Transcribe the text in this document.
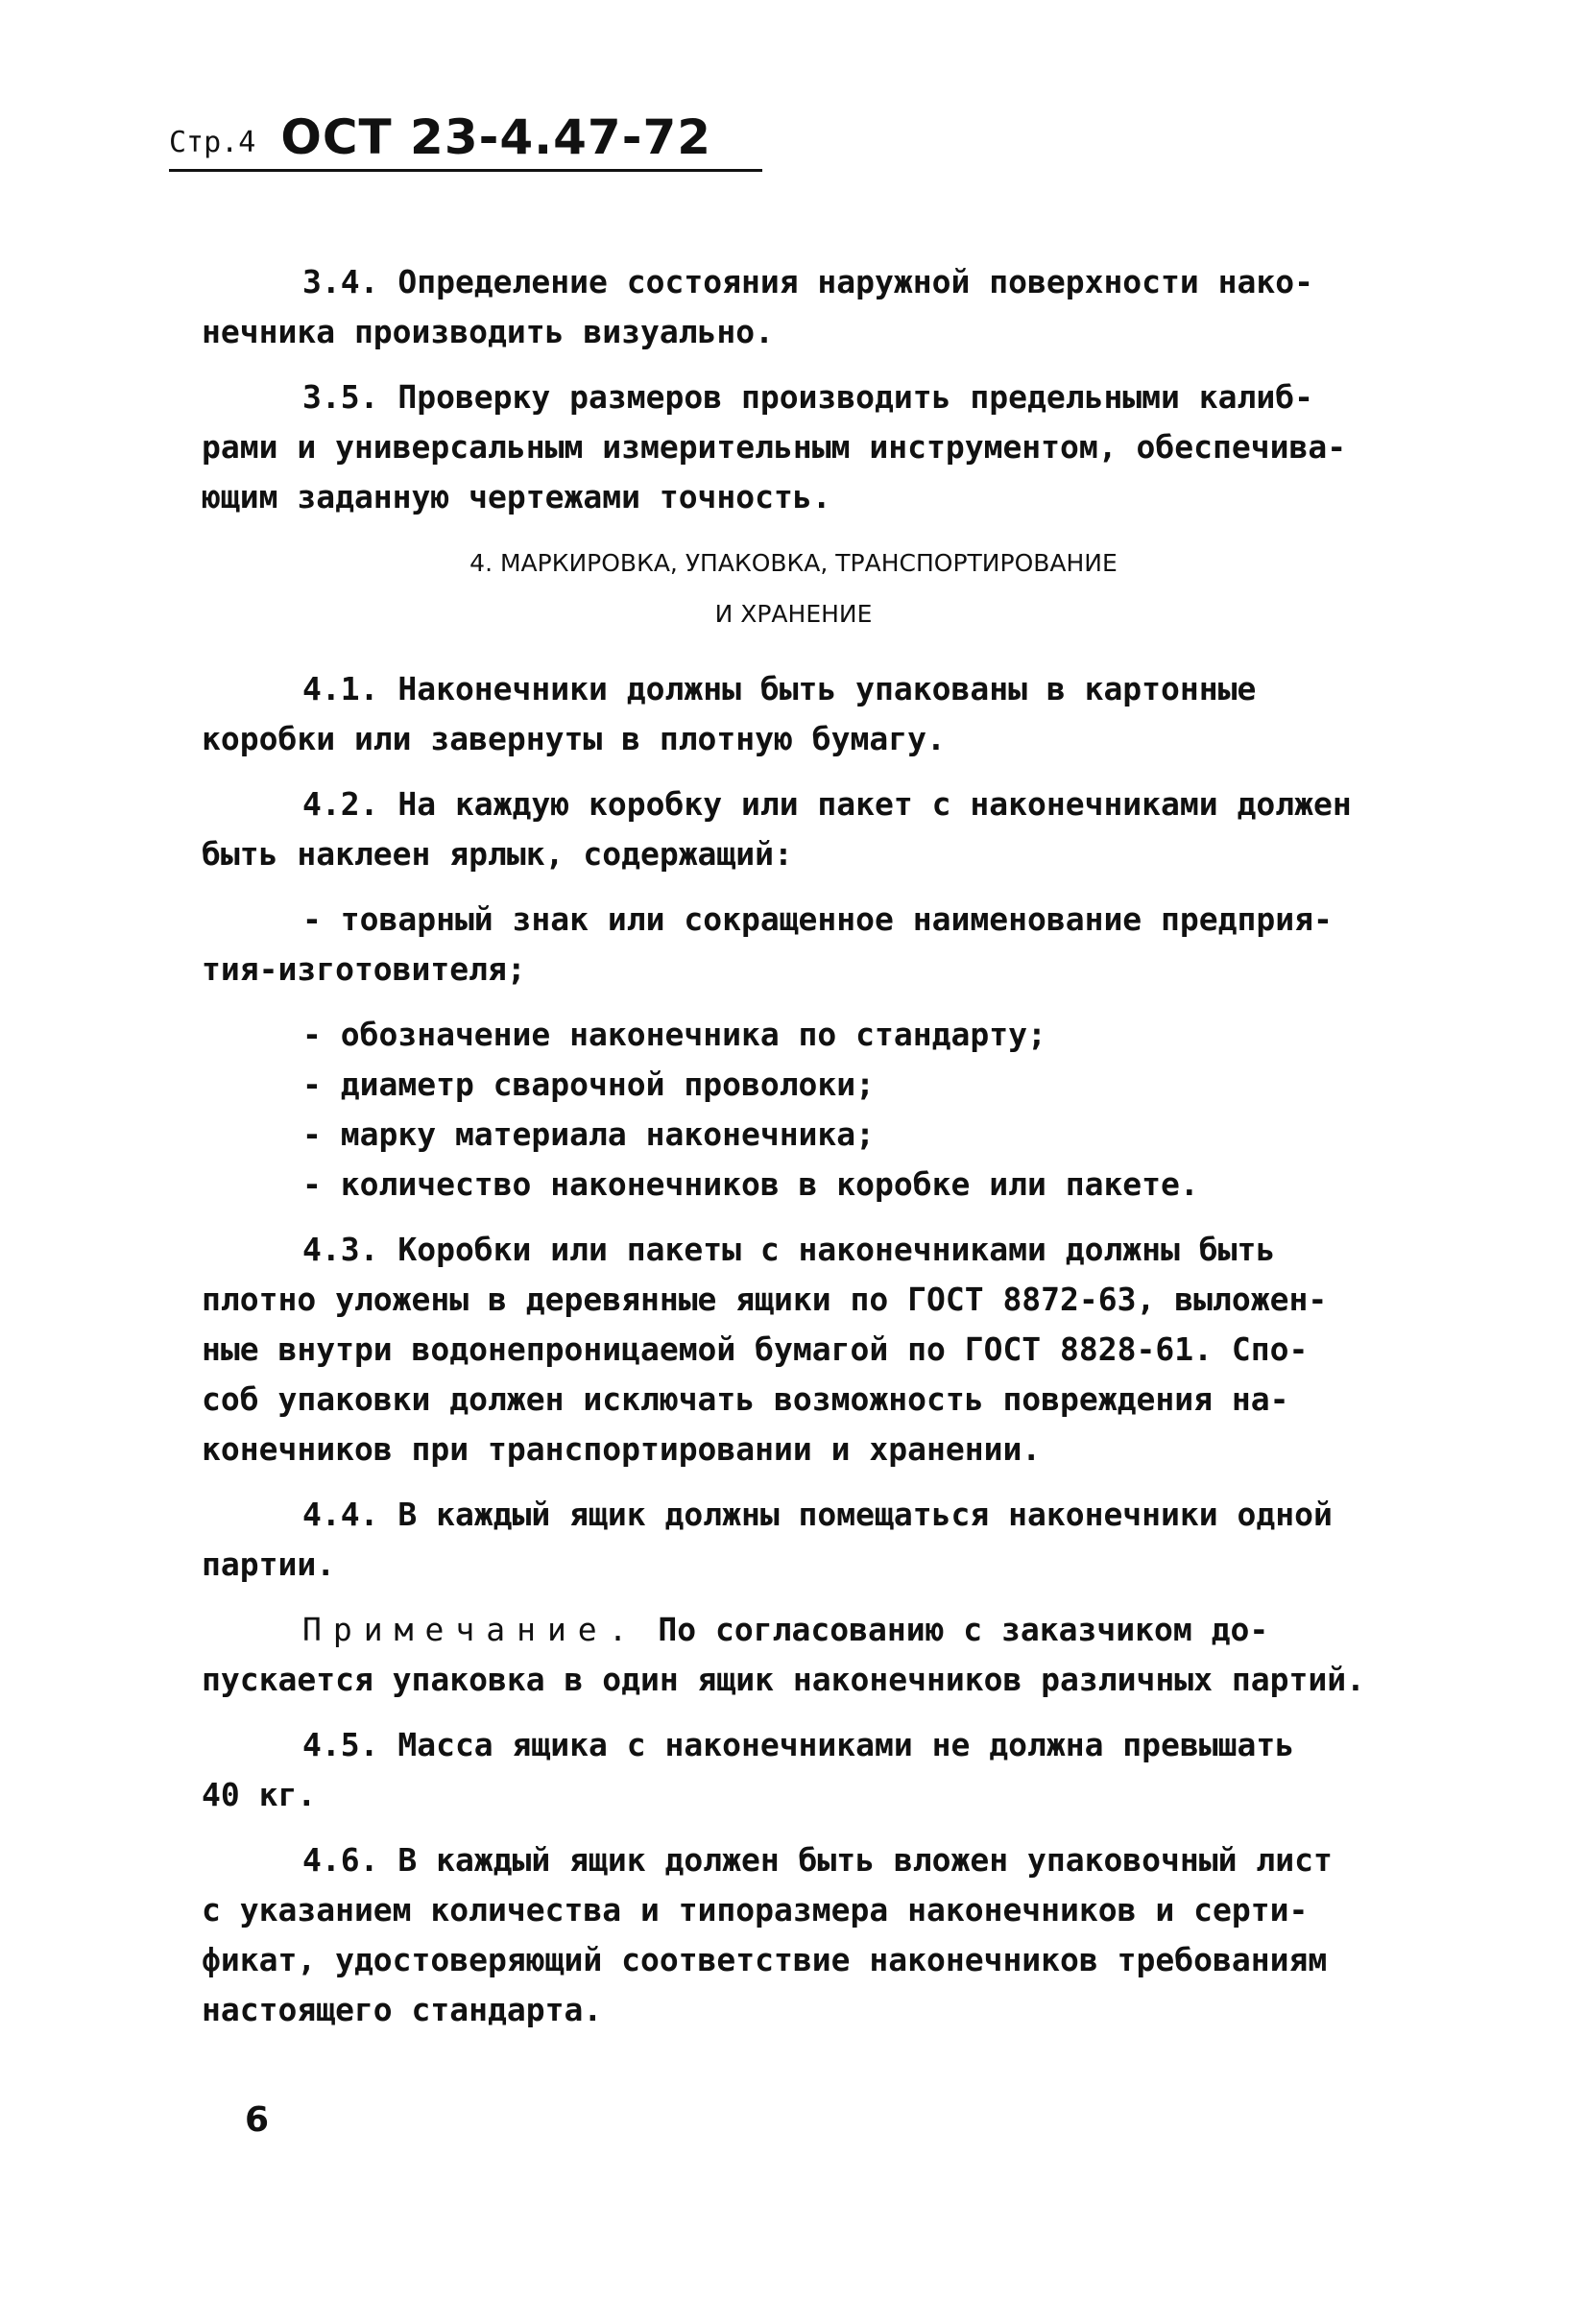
Стр.4 ОСТ 23-4.47-72

3.4. Определение состояния наружной поверхности нако-

нечника производить визуально.

3.5. Проверку размеров производить предельными калиб-

рами и универсальным измерительным инструментом, обеспечива-

ющим заданную чертежами точность.

4. МАРКИРОВКА, УПАКОВКА, ТРАНСПОРТИРОВАНИЕ

И ХРАНЕНИЕ

4.1. Наконечники должны быть упакованы в картонные

коробки или завернуты в плотную бумагу.

4.2. На каждую коробку или пакет с наконечниками должен

быть наклеен ярлык, содержащий:

- товарный знак или сокращенное наименование предприя-

тия-изготовителя;

- обозначение наконечника по стандарту;

- диаметр сварочной проволоки;

- марку материала наконечника;

- количество наконечников в коробке или пакете.

4.3. Коробки или пакеты с наконечниками должны быть

плотно уложены в деревянные ящики по ГОСТ 8872-63, выложен-

ные внутри водонепроницаемой бумагой по ГОСТ 8828-61. Спо-

соб упаковки должен исключать возможность повреждения на-

конечников при транспортировании и хранении.

4.4. В каждый ящик должны помещаться наконечники одной

партии.

Примечание. По согласованию с заказчиком до-

пускается упаковка в один ящик наконечников различных партий.

4.5. Масса ящика с наконечниками не должна превышать

40 кг.

4.6. В каждый ящик должен быть вложен упаковочный лист

с указанием количества и типоразмера наконечников и серти-

фикат, удостоверяющий соответствие наконечников требованиям

настоящего стандарта.

6
